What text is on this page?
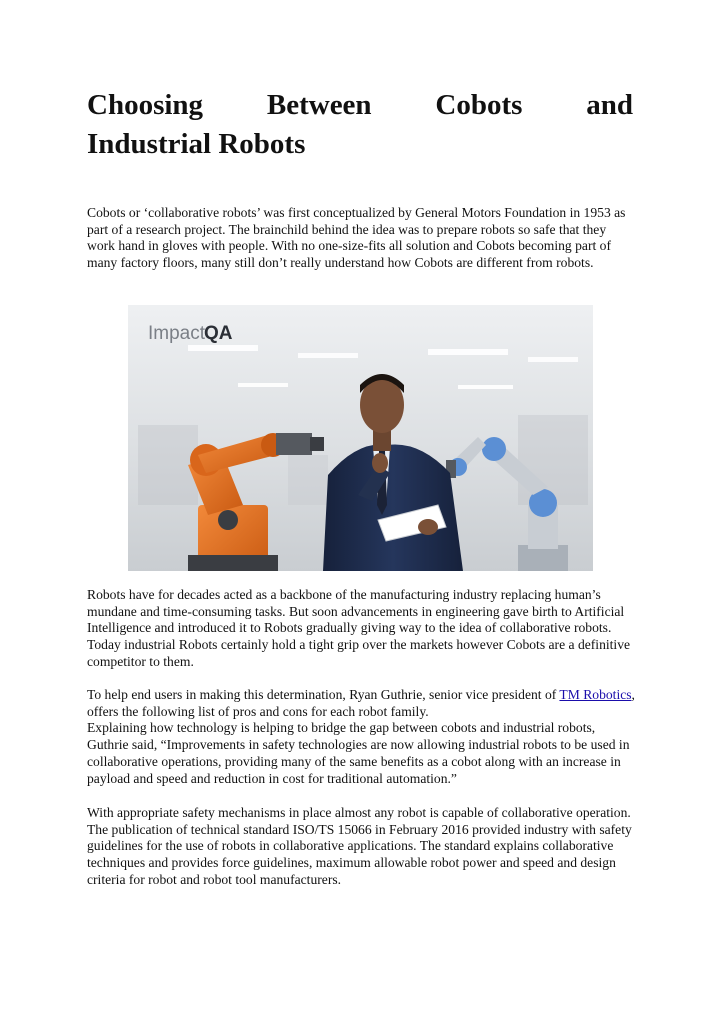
Choosing Between Cobots and
Industrial Robots

Cobots or ‘collaborative robots’ was first conceptualized by General Motors Foundation in 1953 as part of a research project. The brainchild behind the idea was to prepare robots so safe that they work hand in gloves with people. With no one-size-fits all solution and Cobots becoming part of many factory floors, many still don’t really understand how Cobots are different from robots.

Impact
QA

Robots have for decades acted as a backbone of the manufacturing industry replacing human’s mundane and time-consuming tasks. But soon advancements in engineering gave birth to Artificial Intelligence and introduced it to Robots gradually giving way to the idea of collaborative robots. Today industrial Robots certainly hold a tight grip over the markets however Cobots are a definitive competitor to them.

To help end users in making this determination, Ryan Guthrie, senior vice president of TM Robotics, offers the following list of pros and cons for each robot family.

Explaining how technology is helping to bridge the gap between cobots and industrial robots, Guthrie said, “Improvements in safety technologies are now allowing industrial robots to be used in collaborative operations, providing many of the same benefits as a cobot along with an increase in payload and speed and reduction in cost for traditional automation.”

With appropriate safety mechanisms in place almost any robot is capable of collaborative operation. The publication of technical standard ISO/TS 15066 in February 2016 provided industry with safety guidelines for the use of robots in collaborative applications. The standard explains collaborative techniques and provides force guidelines, maximum allowable robot power and speed and design criteria for robot and robot tool manufacturers.
